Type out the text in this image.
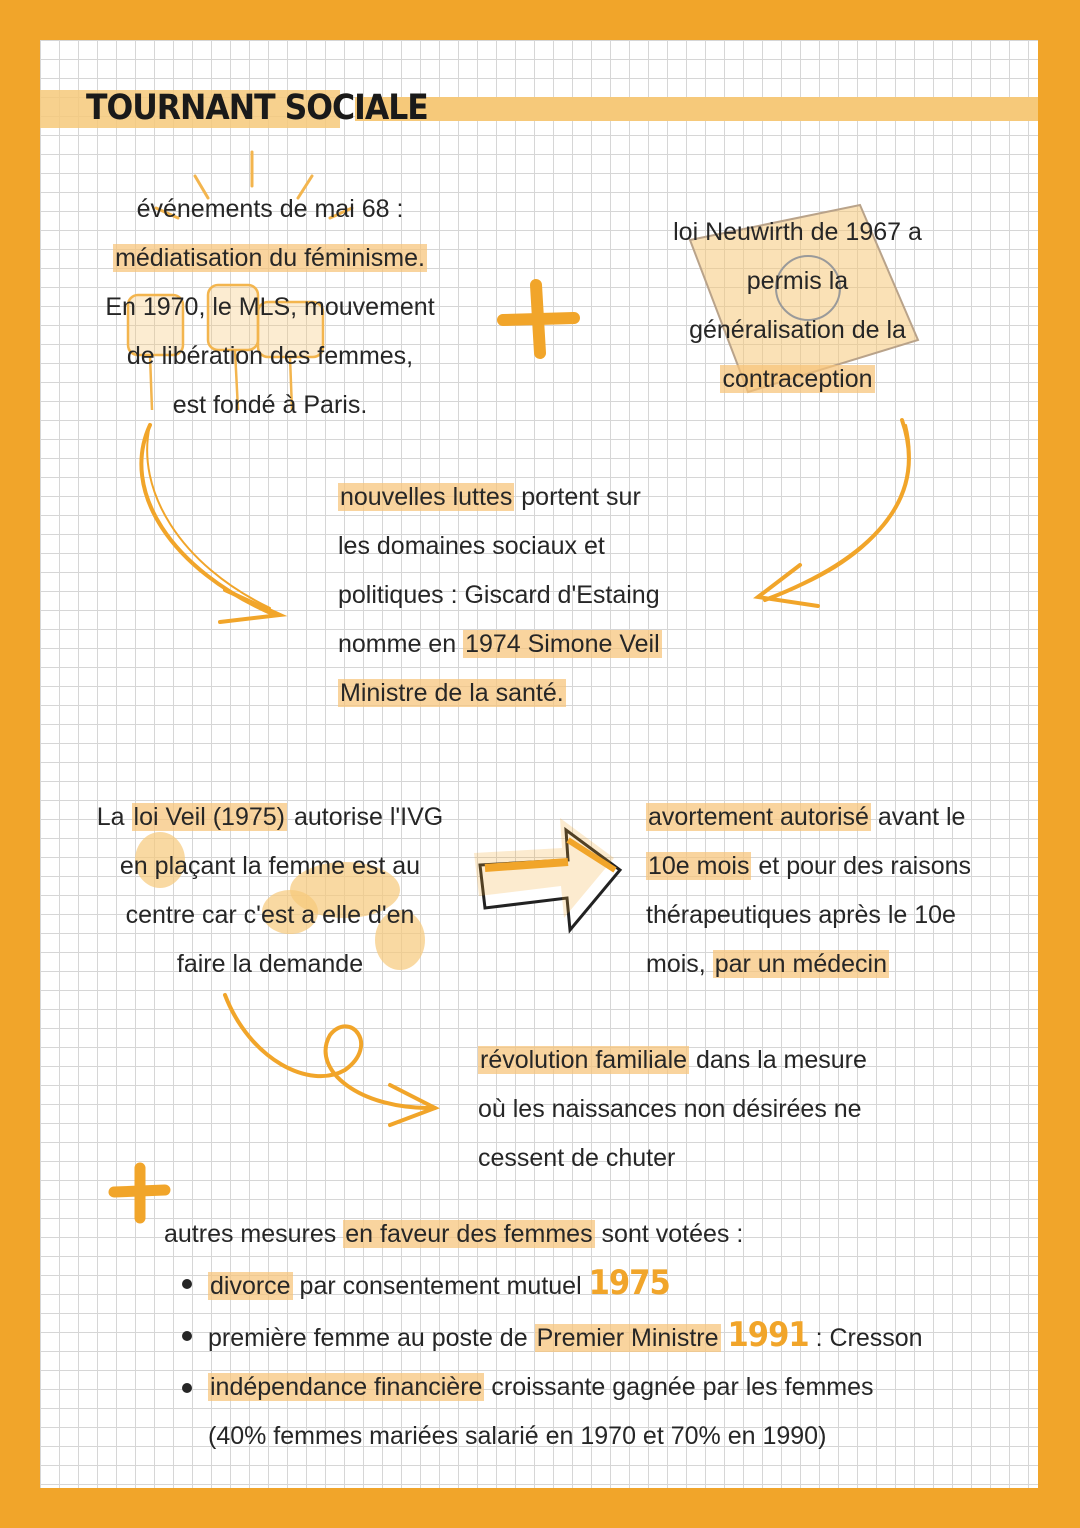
TOURNANT SOCIALE
événements de mai 68 :
médiatisation du féminisme.
En 1970, le MLS, mouvement
de libération des femmes,
est fondé à Paris.
loi Neuwirth de 1967 a
permis la
généralisation de la
contraception
nouvelles luttes portent sur
les domaines sociaux et
politiques : Giscard d'Estaing
nomme en 1974 Simone Veil
Ministre de la santé.
La loi Veil (1975) autorise l'IVG
en plaçant la femme est au
centre car c'est a elle d'en
faire la demande
avortement autorisé avant le
10e mois et pour des raisons
thérapeutiques après le 10e
mois, par un médecin
révolution familiale dans la mesure
où les naissances non désirées ne
cessent de chuter
autres mesures en faveur des femmes sont votées :
divorce par consentement mutuel 1975
première femme au poste de Premier Ministre 1991 : Cresson
indépendance financière croissante gagnée par les femmes
(40% femmes mariées salarié en 1970 et 70% en 1990)
